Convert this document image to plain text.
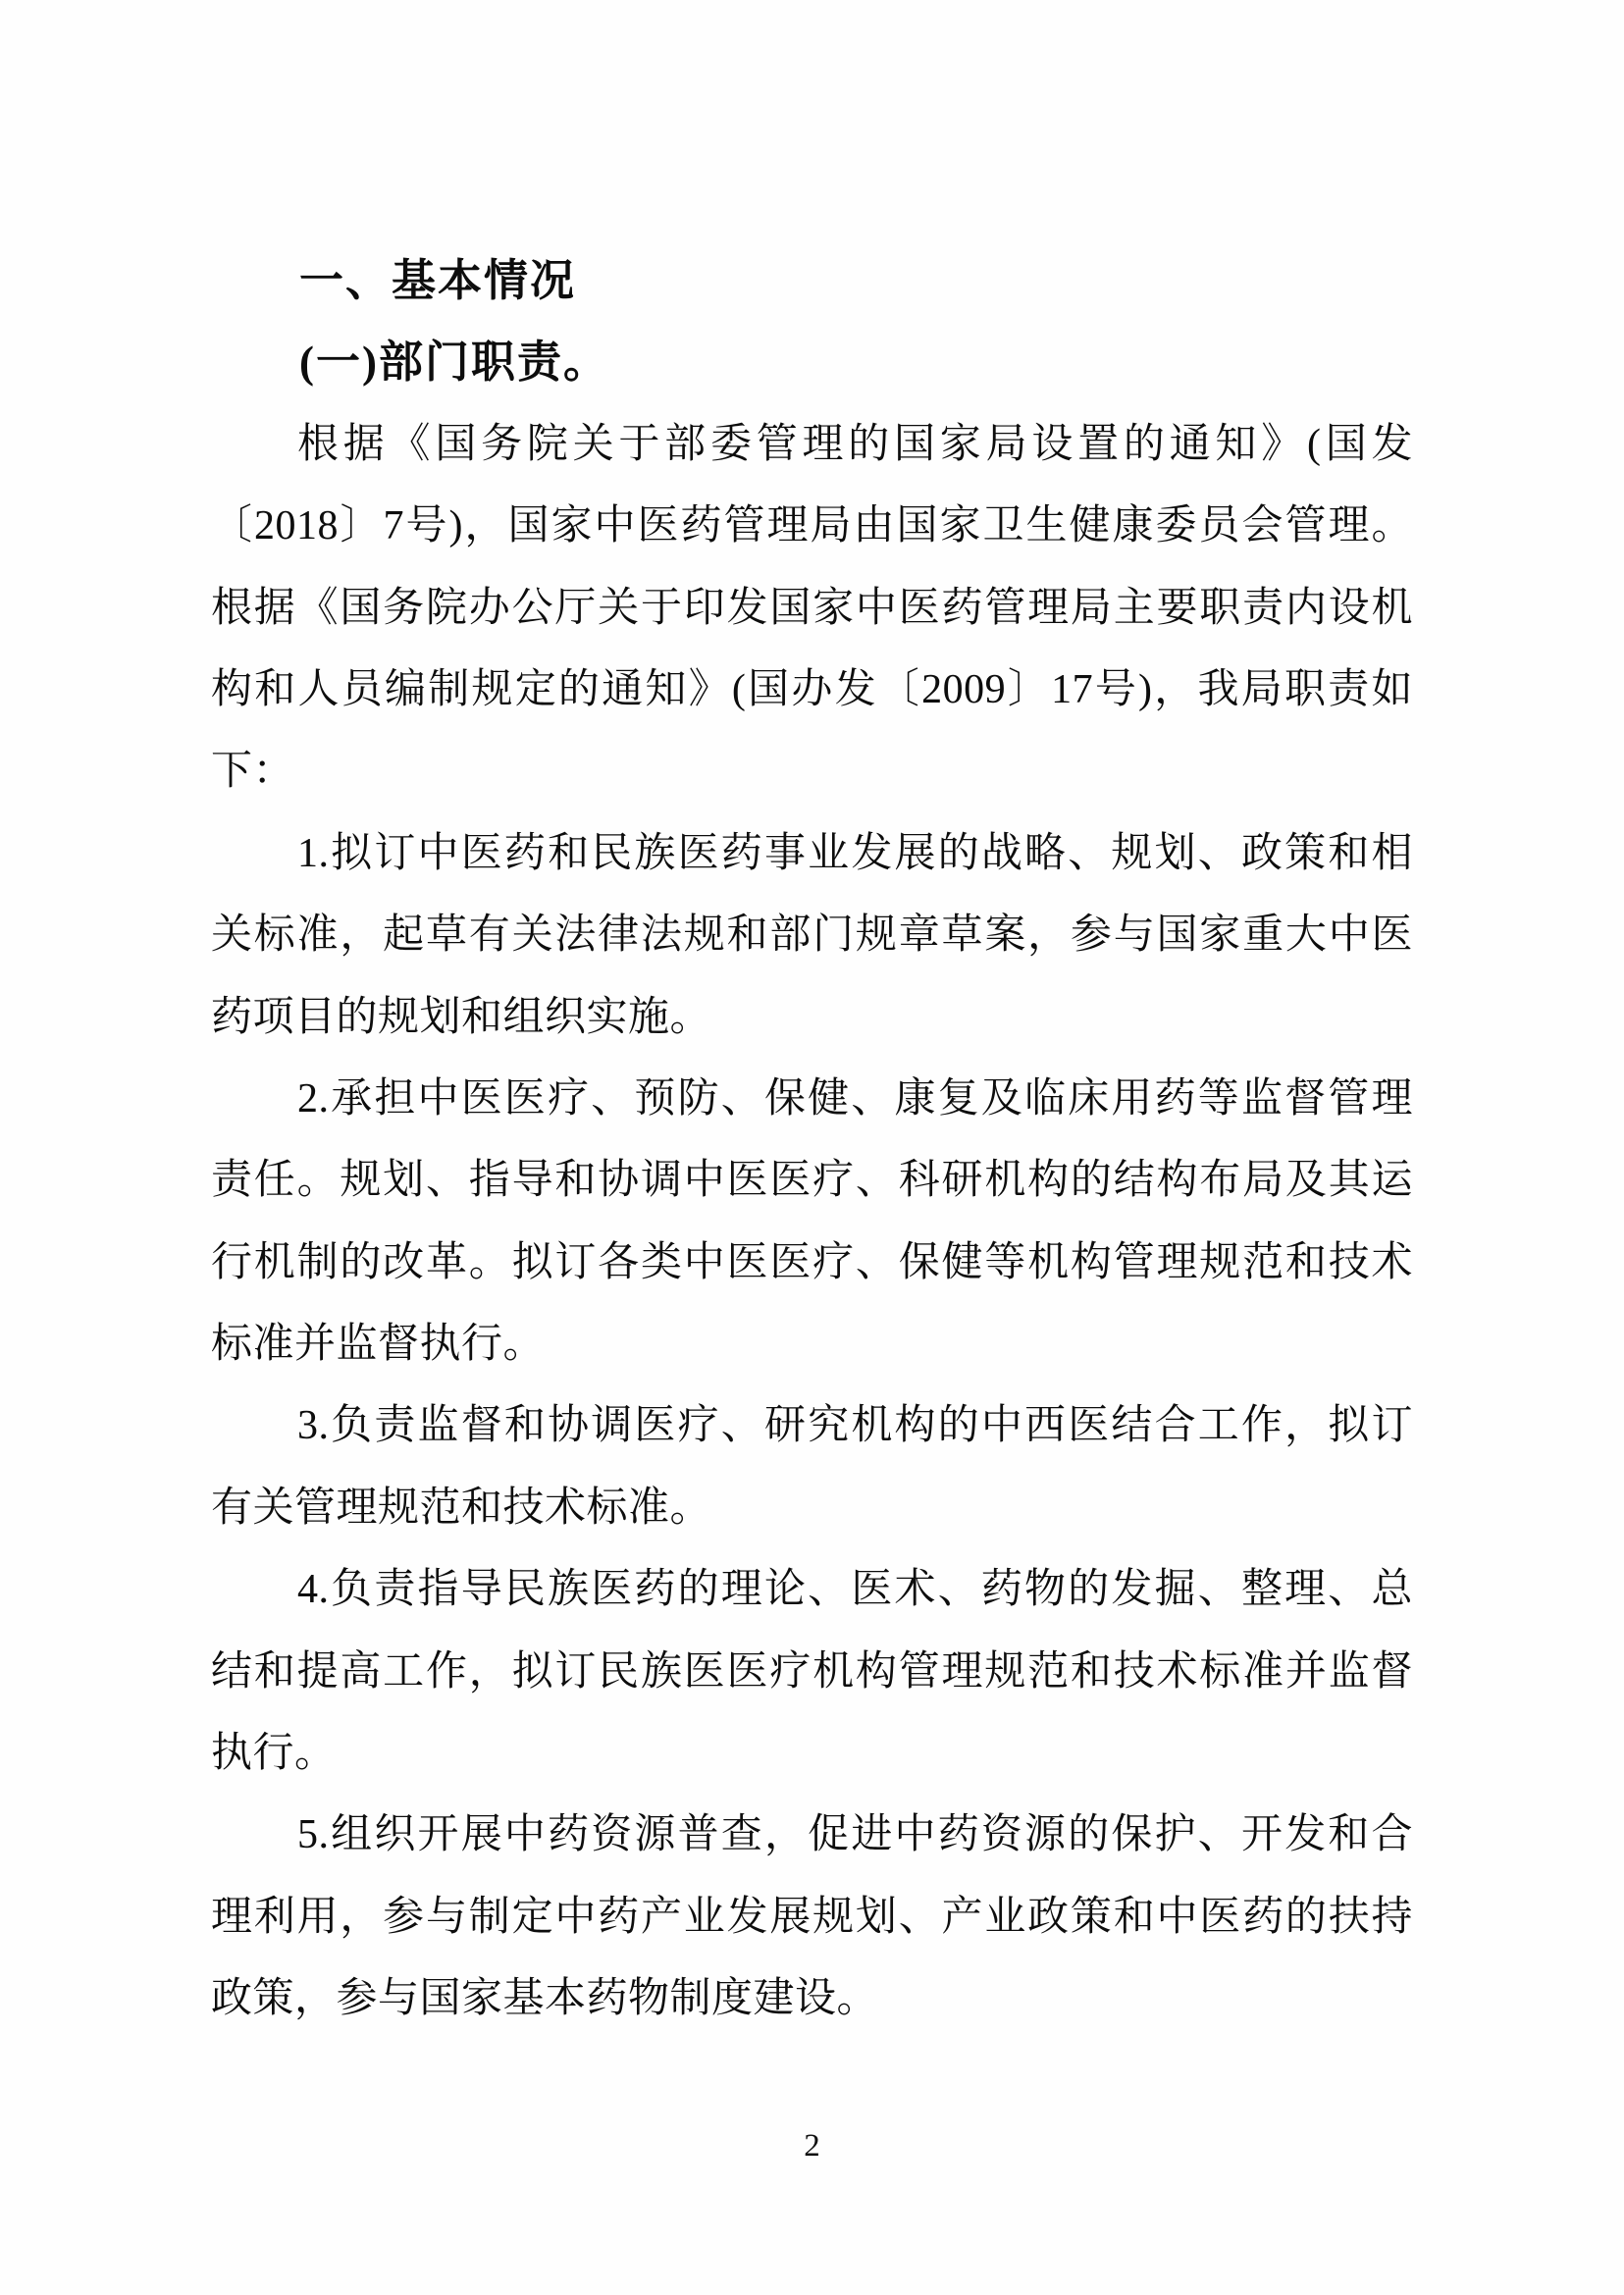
一、基本情况
(一)部门职责。
根据《国务院关于部委管理的国家局设置的通知》(国发
〔2018〕7号)，国家中医药管理局由国家卫生健康委员会管理。
根据《国务院办公厅关于印发国家中医药管理局主要职责内设机
构和人员编制规定的通知》(国办发〔2009〕17号)，我局职责如
下：
1.拟订中医药和民族医药事业发展的战略、规划、政策和相
关标准，起草有关法律法规和部门规章草案，参与国家重大中医
药项目的规划和组织实施。
2.承担中医医疗、预防、保健、康复及临床用药等监督管理
责任。规划、指导和协调中医医疗、科研机构的结构布局及其运
行机制的改革。拟订各类中医医疗、保健等机构管理规范和技术
标准并监督执行。
3.负责监督和协调医疗、研究机构的中西医结合工作，拟订
有关管理规范和技术标准。
4.负责指导民族医药的理论、医术、药物的发掘、整理、总
结和提高工作，拟订民族医医疗机构管理规范和技术标准并监督
执行。
5.组织开展中药资源普查，促进中药资源的保护、开发和合
理利用，参与制定中药产业发展规划、产业政策和中医药的扶持
政策，参与国家基本药物制度建设。
2
